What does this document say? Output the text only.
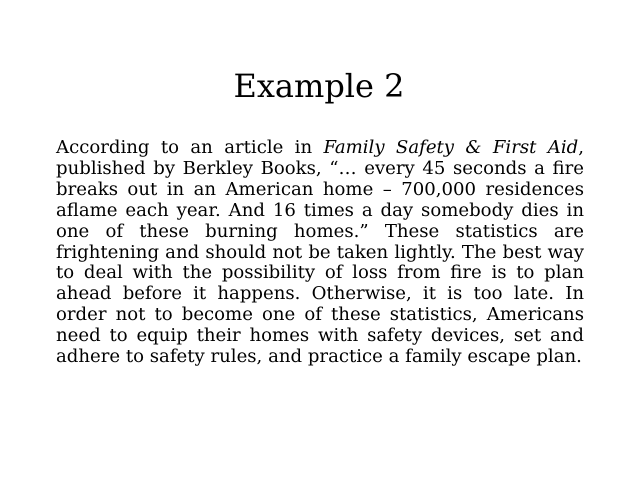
Example 2

According to an article in Family Safety & First Aid, published by Berkley Books, “… every 45 seconds a fire breaks out in an American home – 700,000 residences aflame each year. And 16 times a day somebody dies in one of these burning homes.” These statistics are frightening and should not be taken lightly. The best way to deal with the possibility of loss from fire is to plan ahead before it happens. Otherwise, it is too late. In order not to become one of these statistics, Americans need to equip their homes with safety devices, set and adhere to safety rules, and practice a family escape plan.
